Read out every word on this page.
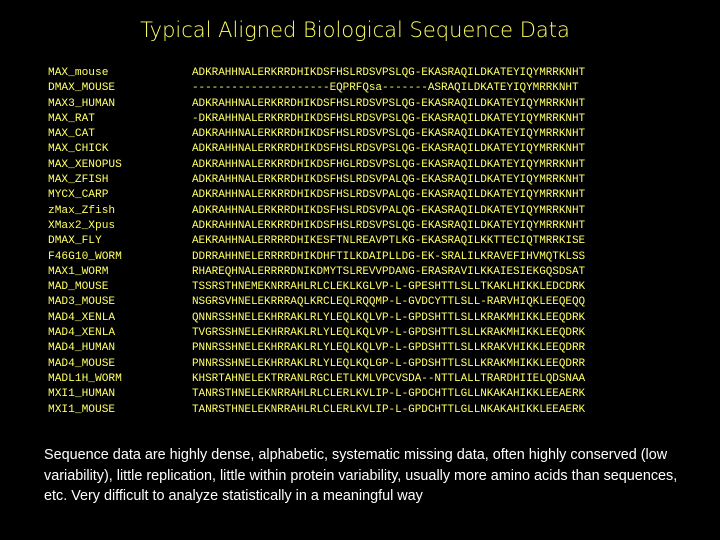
Typical Aligned Biological Sequence Data
MAX_mouse
DMAX_MOUSE
MAX3_HUMAN
MAX_RAT
MAX_CAT
MAX_CHICK
MAX_XENOPUS
MAX_ZFISH
MYCX_CARP
zMax_Zfish
XMax2_Xpus
DMAX_FLY
F46G10_WORM
MAX1_WORM
MAD_MOUSE
MAD3_MOUSE
MAD4_XENLA
MAD4_XENLA
MAD4_HUMAN
MAD4_MOUSE
MADL1H_WORM
MXI1_HUMAN
MXI1_MOUSE
ADKRAHHNALERKRRDHIKDSFHSLRDSVPSLQG-EKASRAQILDKATEYIQYMRRKNHT
---------------------EQPRFQsa-------ASRAQILDKATEYIQYMRRKNHT
ADKRAHHNALERKRRDHIKDSFHSLRDSVPSLQG-EKASRAQILDKATEYIQYMRRKNHT
-DKRAHHNALERKRRDHIKDSFHSLRDSVPSLQG-EKASRAQILDKATEYIQYMRRKNHT
ADKRAHHNALERKRRDHIKDSFHSLRDSVPSLQG-EKASRAQILDKATEYIQYMRRKNHT
ADKRAHHNALERKRRDHIKDSFHSLRDSVPSLQG-EKASRAQILDKATEYIQYMRRKNHT
ADKRAHHNALERKRRDHIKDSFHGLRDSVPSLQG-EKASRAQILDKATEYIQYMRRKNHT
ADKRAHHNALERKRRDHIKDSFHSLRDSVPALQG-EKASRAQILDKATEYIQYMRRKNHT
ADKRAHHNALERKRRDHIKDSFHSLRDSVPALQG-EKASRAQILDKATEYIQYMRRKNHT
ADKRAHHNALERKRRDHIKDSFHSLRDSVPALQG-EKASRAQILDKATEYIQYMRRKNHT
ADKRAHHNALERKRRDHIKDSFHSLRDSVPSLQG-EKASRAQILDKATEYIQYMRRKNHT
AEKRAHHNALERRRRDHIKESFTNLREAVPTLKG-EKASRAQILKKTTECIQTMRRKISE
DDRRAHHNELERRRRDHIKDHFTILKDAIPLLDG-EK-SRALILKRAVEFIHVMQTKLSS
RHAREQHNALERRRRDNIKDMYTSLREVVPDANG-ERASRAVILKKAIESIEKGQSDSAT
TSSRSTHNEMEKNRRAHLRLCLEKLKGLVP-L-GPESHTTLSLLTKAKLHIKKLEDCDRK
NSGRSVHNELEKRRRAQLKRCLEQLRQQMP-L-GVDCYTTLSLL-RARVHIQKLEEQEQQ
QNNRSSHNELEKHRRAKLRLYLEQLKQLVP-L-GPDSHTTLSLLKRAKMHIKKLEEQDRK
TVGRSSHNELEKHRRAKLRLYLEQLKQLVP-L-GPDSHTTLSLLKRAKMHIKKLEEQDRK
PNNRSSHNELEKHRRAKLRLYLEQLKQLVP-L-GPDSHTTLSLLKRAKVHIKKLEEQDRR
PNNRSSHNELEKHRRAKLRLYLEQLKQLGP-L-GPDSHTTLSLLKRAKMHIKKLEEQDRR
KHSRTAHNELEKTRRANLRGCLETLKMLVPCVSDA--NTTLALLTRARDHIIELQDSNAA
TANRSTHNELEKNRRAHLRLCLERLKVLIP-L-GPDCHTTLGLLNKAKAHIKKLEEAERK
TANRSTHNELEKNRRAHLRLCLERLKVLIP-L-GPDCHTTLGLLNKAKAHIKKLEEAERK
Sequence data are highly dense, alphabetic, systematic missing data, often highly conserved (low variability), little replication, little within protein variability, usually more amino acids than sequences, etc. Very difficult to analyze statistically in a meaningful way
